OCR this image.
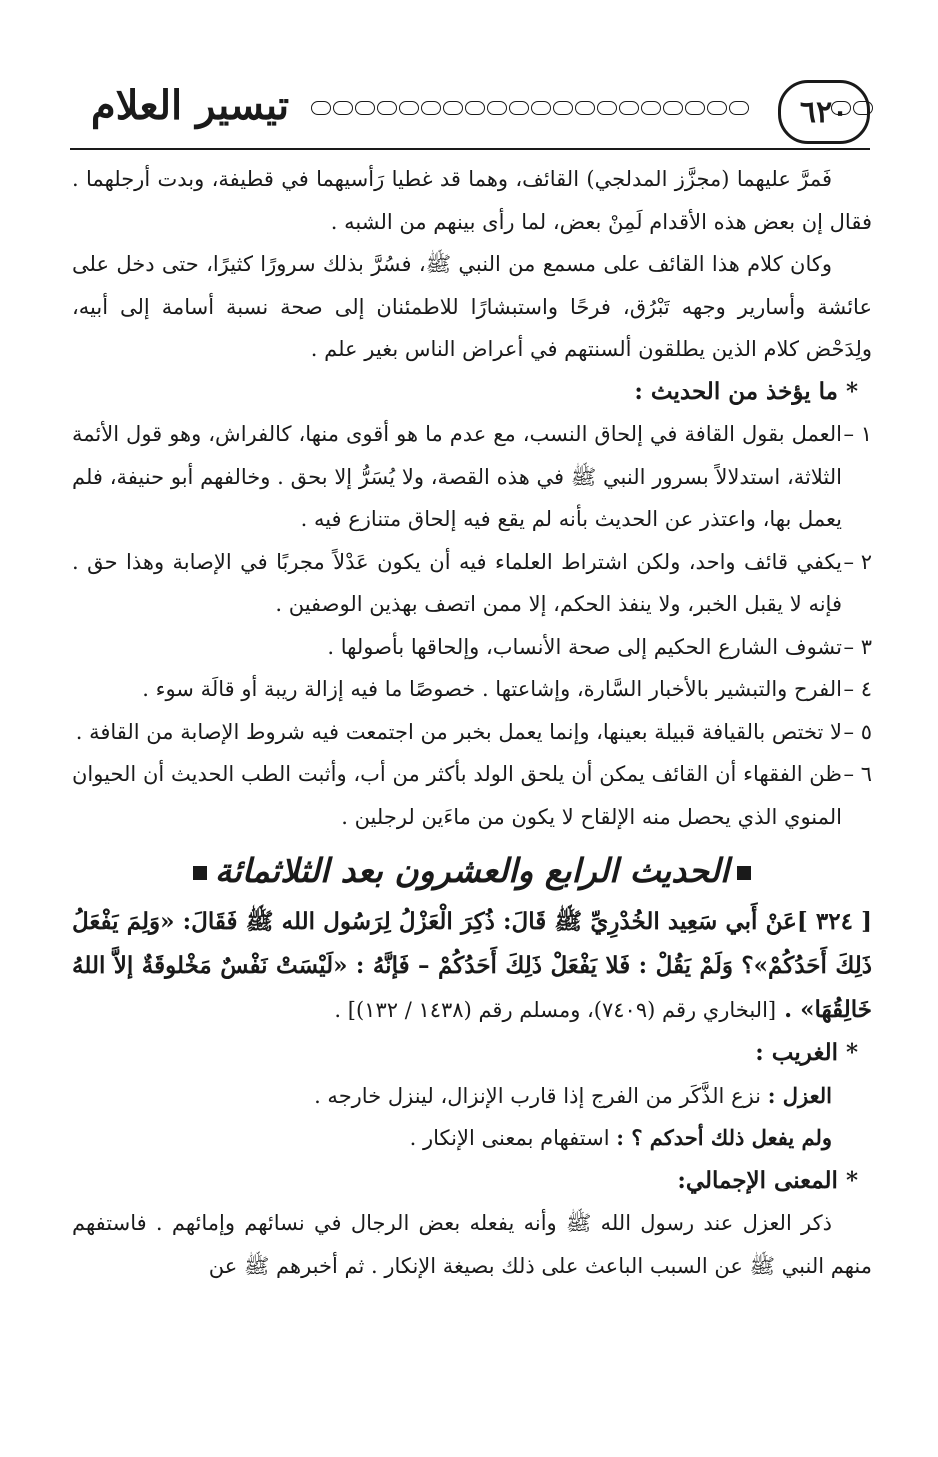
٦٢٠
تيسير العلام

فَمرَّ عليهما (مجزَّز المدلجي) القائف، وهما قد غطيا رَأسيهما في قطيفة، وبدت أرجلهما . فقال إن بعض هذه الأقدام لَمِنْ بعض، لما رأى بينهم من الشبه .

وكان كلام هذا القائف على مسمع من النبي ﷺ، فسُرَّ بذلك سرورًا كثيرًا، حتى دخل على عائشة وأسارير وجهه تَبْرُق، فرحًا واستبشارًا للاطمئنان إلى صحة نسبة أسامة إلى أبيه، ولِدَحْض كلام الذين يطلقون ألسنتهم في أعراض الناس بغير علم .

* ما يؤخذ من الحديث :

١ –
العمل بقول القافة في إلحاق النسب، مع عدم ما هو أقوى منها، كالفراش، وهو قول الأئمة الثلاثة، استدلالاً بسرور النبي ﷺ في هذه القصة، ولا يُسَرُّ إلا بحق . وخالفهم أبو حنيفة، فلم يعمل بها، واعتذر عن الحديث بأنه لم يقع فيه إلحاق متنازع فيه .
٢ –
يكفي قائف واحد، ولكن اشتراط العلماء فيه أن يكون عَدْلاً مجربًا في الإصابة وهذا حق . فإنه لا يقبل الخبر، ولا ينفذ الحكم، إلا ممن اتصف بهذين الوصفين .
٣ –
تشوف الشارع الحكيم إلى صحة الأنساب، وإلحاقها بأصولها .
٤ –
الفرح والتبشير بالأخبار السَّارة، وإشاعتها . خصوصًا ما فيه إزالة ريبة أو قالَة سوء .
٥ –
لا تختص بالقيافة قبيلة بعينها، وإنما يعمل بخبر من اجتمعت فيه شروط الإصابة من القافة .
٦ –
ظن الفقهاء أن القائف يمكن أن يلحق الولد بأكثر من أب، وأثبت الطب الحديث أن الحيوان المنوي الذي يحصل منه الإلقاح لا يكون من ماءَين لرجلين .
الحديث الرابع والعشرون بعد الثلاثمائة

[ ٣٢٤ ]عَنْ أَبي سَعِيد الخُدْرِيِّ ﷺ قَالَ: ذُكِرَ الْعَزْلُ لِرَسُول الله ﷺ فَقَالَ: «وَلِمَ يَفْعَلُ ذَلِكَ أَحَدُكُمْ»؟ وَلَمْ يَقُلْ : فَلا يَفْعَلْ ذَلِكَ أَحَدُكُمْ – فَإنَّهُ : «لَيْسَتْ نَفْسٌ مَخْلوقَةٌ إلاَّ اللهُ خَالِقُهَا» . [البخاري رقم (٧٤٠٩)، ومسلم رقم (١٤٣٨ / ١٣٢)] .

* الغريب :

العزل : نزع الذَّكَر من الفرج إذا قارب الإنزال، لينزل خارجه .

ولم يفعل ذلك أحدكم ؟ : استفهام بمعنى الإنكار .

* المعنى الإجمالي:

ذكر العزل عند رسول الله ﷺ وأنه يفعله بعض الرجال في نسائهم وإمائهم . فاستفهم منهم النبي ﷺ عن السبب الباعث على ذلك بصيغة الإنكار . ثم أخبرهم ﷺ عن
